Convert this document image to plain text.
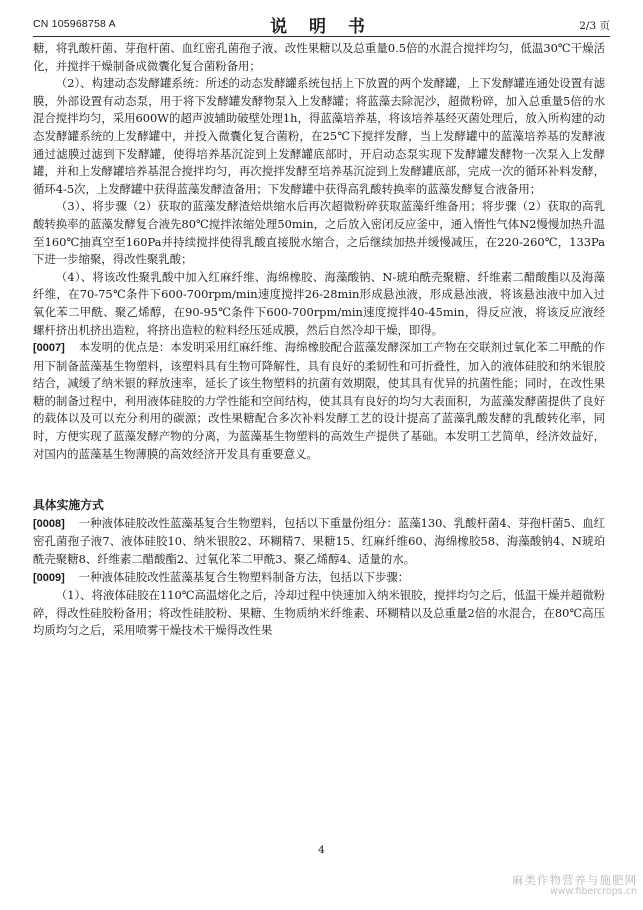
CN 105968758 A	说 明 书	2/3 页

糖，将乳酸杆菌、芽孢杆菌、血红密孔菌孢子液、改性果糖以及总重量0.5倍的水混合搅拌均匀，低温30℃干燥活化，并搅拌干燥制备成微囊化复合菌粉备用；

（2）、构建动态发酵罐系统：所述的动态发酵罐系统包括上下放置的两个发酵罐，上下发酵罐连通处设置有滤膜，外部设置有动态泵，用于将下发酵罐发酵物泵入上发酵罐；将蓝藻去除泥沙，超微粉碎，加入总重量5倍的水混合搅拌均匀，采用600W的超声波辅助破壁处理1h，得蓝藻培养基，将该培养基经灭菌处理后，放入所构建的动态发酵罐系统的上发酵罐中，并投入微囊化复合菌粉，在25℃下搅拌发酵，当上发酵罐中的蓝藻培养基的发酵液通过滤膜过滤到下发酵罐，使得培养基沉淀到上发酵罐底部时，开启动态泵实现下发酵罐发酵物一次泵入上发酵罐，并和上发酵罐培养基混合搅拌均匀，再次搅拌发酵至培养基沉淀到上发酵罐底部，完成一次的循环补料发酵，循环4-5次，上发酵罐中获得蓝藻发酵渣备用；下发酵罐中获得高乳酸转换率的蓝藻发酵复合液备用；

（3）、将步骤（2）获取的蓝藻发酵渣焙烘缩水后再次超微粉碎获取蓝藻纤维备用；将步骤（2）获取的高乳酸转换率的蓝藻发酵复合液先80℃搅拌浓缩处理50min，之后放入密闭反应釜中，通入惰性气体N2慢慢加热升温至160℃抽真空至160Pa并持续搅拌使得乳酸直接脱水缩合，之后继续加热并缓慢减压，在220-260℃，133Pa下进一步缩聚，得改性聚乳酸；

（4）、将该改性聚乳酸中加入红麻纤维、海绵橡胶、海藻酸钠、N-琥珀酰壳聚糖、纤维素二醋酸酯以及海藻纤维，在70-75℃条件下600-700rpm/min速度搅拌26-28min形成悬浊液，形成悬浊液，将该悬浊液中加入过氧化苯二甲酰、聚乙烯醇，在90-95℃条件下600-700rpm/min速度搅拌40-45min，得反应液，将该反应液经螺杆挤出机挤出造粒，将挤出造粒的粒料经压延成膜，然后自然冷却干燥，即得。

[0007] 本发明的优点是：本发明采用红麻纤维、海绵橡胶配合蓝藻发酵深加工产物在交联剂过氧化苯二甲酰的作用下制备蓝藻基生物塑料，该塑料具有生物可降解性，具有良好的柔韧性和可折叠性，加入的液体硅胶和纳米银胶结合，减缓了纳米银的释放速率，延长了该生物塑料的抗菌有效期限，使其具有优异的抗菌性能；同时，在改性果糖的制备过程中，利用液体硅胶的力学性能和空间结构，使其具有良好的均匀大表面积，为蓝藻发酵菌提供了良好的载体以及可以充分利用的碳源；改性果糖配合多次补料发酵工艺的设计提高了蓝藻乳酸发酵的乳酸转化率，同时，方便实现了蓝藻发酵产物的分离，为蓝藻基生物塑料的高效生产提供了基础。本发明工艺简单，经济效益好，对国内的蓝藻基生物薄膜的高效经济开发具有重要意义。

具体实施方式

[0008] 一种液体硅胶改性蓝藻基复合生物塑料，包括以下重量份组分：蓝藻130、乳酸杆菌4、芽孢杆菌5、血红密孔菌孢子液7、液体硅胶10、纳米银胶2、环糊精7、果糖15、红麻纤维60、海绵橡胶58、海藻酸钠4、N琥珀酰壳聚糖8、纤维素二醋酸酯2、过氧化苯二甲酰3、聚乙烯醇4、适量的水。

[0009] 一种液体硅胶改性蓝藻基复合生物塑料制备方法，包括以下步骤：

（1）、将液体硅胶在110℃高温熔化之后，冷却过程中快速加入纳米银胶，搅拌均匀之后，低温干燥并超微粉碎，得改性硅胶粉备用；将改性硅胶粉、果糖、生物质纳米纤维素、环糊精以及总重量2倍的水混合，在80℃高压均质均匀之后，采用喷雾干燥技术干燥得改性果

4
麻类作物营养与施肥网
www.fibercrops.cn
